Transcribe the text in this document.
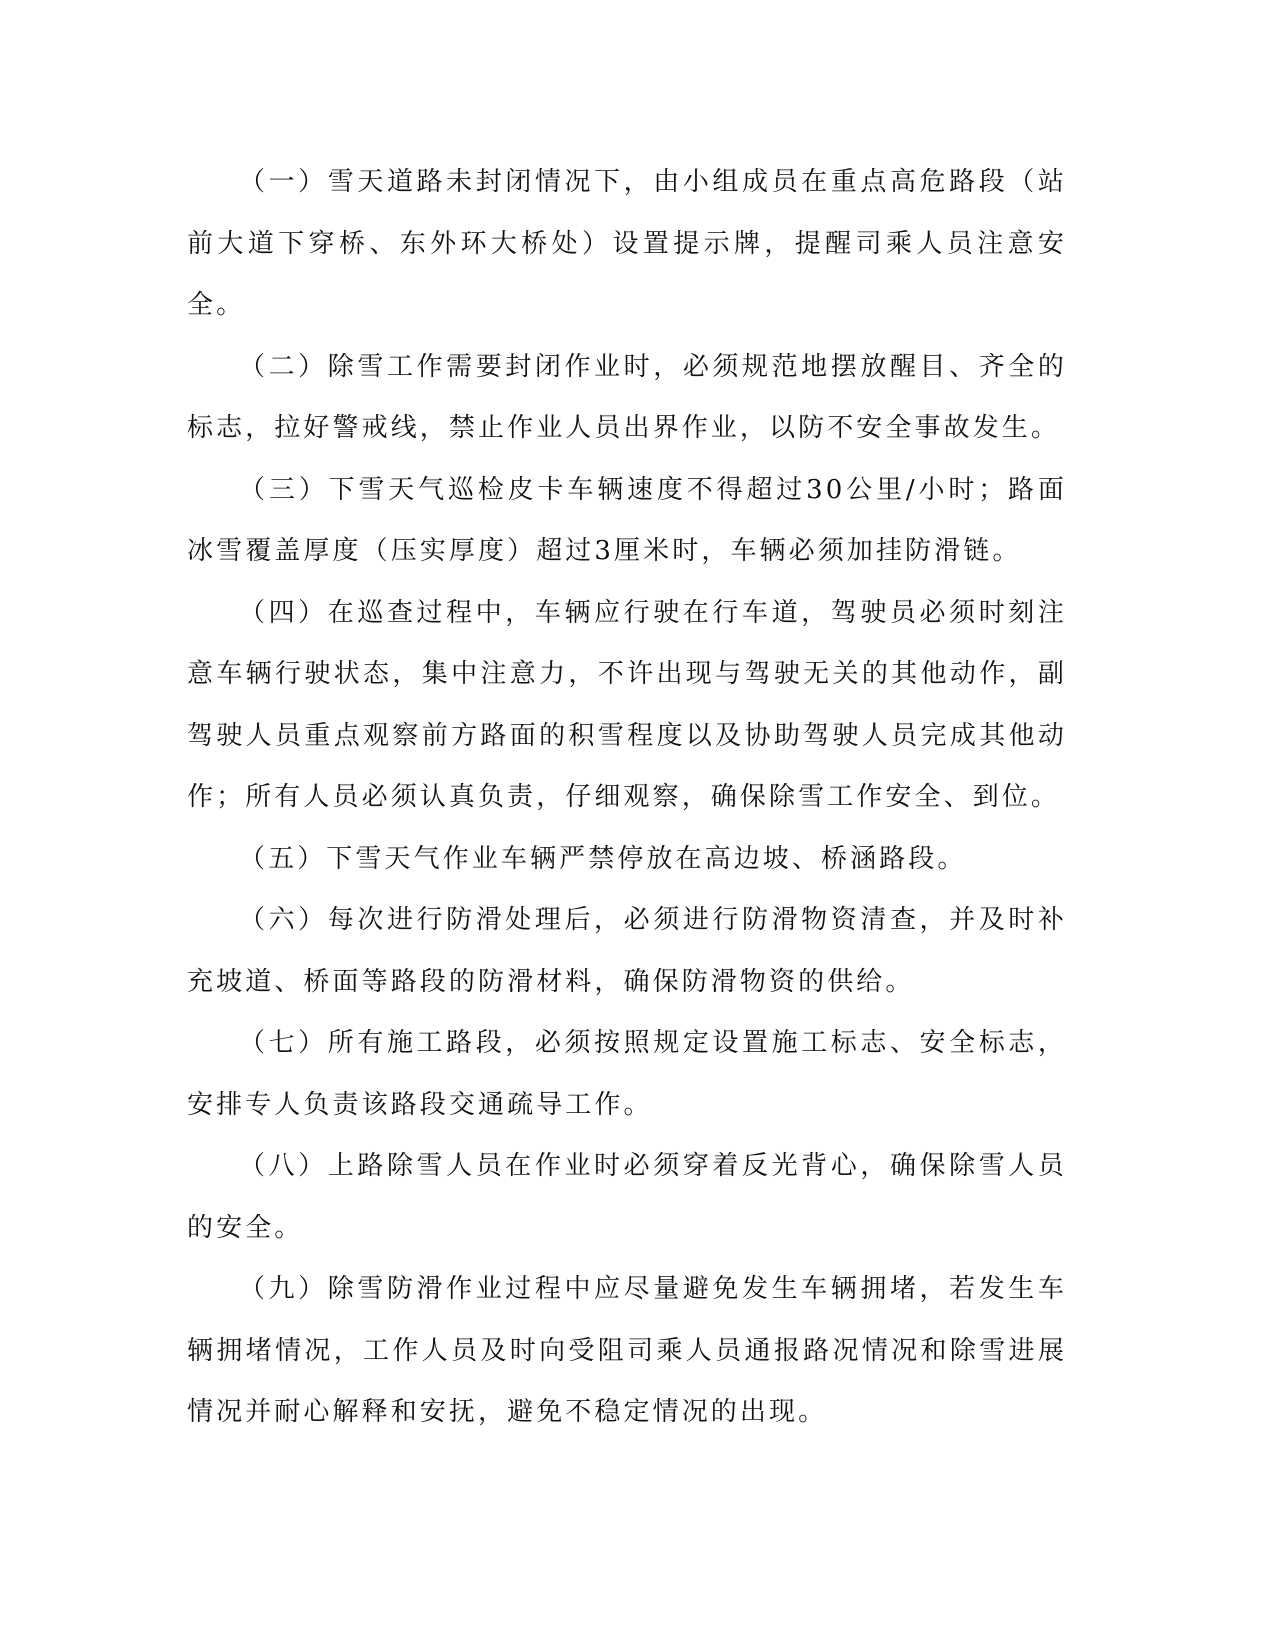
（一）雪天道路未封闭情况下，由小组成员在重点高危路段（站前大道下穿桥、东外环大桥处）设置提示牌，提醒司乘人员注意安全。

（二）除雪工作需要封闭作业时，必须规范地摆放醒目、齐全的标志，拉好警戒线，禁止作业人员出界作业，以防不安全事故发生。

（三）下雪天气巡检皮卡车辆速度不得超过30公里/小时；路面冰雪覆盖厚度（压实厚度）超过3厘米时，车辆必须加挂防滑链。

（四）在巡查过程中，车辆应行驶在行车道，驾驶员必须时刻注意车辆行驶状态，集中注意力，不许出现与驾驶无关的其他动作，副驾驶人员重点观察前方路面的积雪程度以及协助驾驶人员完成其他动作；所有人员必须认真负责，仔细观察，确保除雪工作安全、到位。

（五）下雪天气作业车辆严禁停放在高边坡、桥涵路段。

（六）每次进行防滑处理后，必须进行防滑物资清查，并及时补充坡道、桥面等路段的防滑材料，确保防滑物资的供给。

（七）所有施工路段，必须按照规定设置施工标志、安全标志，安排专人负责该路段交通疏导工作。

（八）上路除雪人员在作业时必须穿着反光背心，确保除雪人员的安全。

（九）除雪防滑作业过程中应尽量避免发生车辆拥堵，若发生车辆拥堵情况，工作人员及时向受阻司乘人员通报路况情况和除雪进展情况并耐心解释和安抚，避免不稳定情况的出现。
